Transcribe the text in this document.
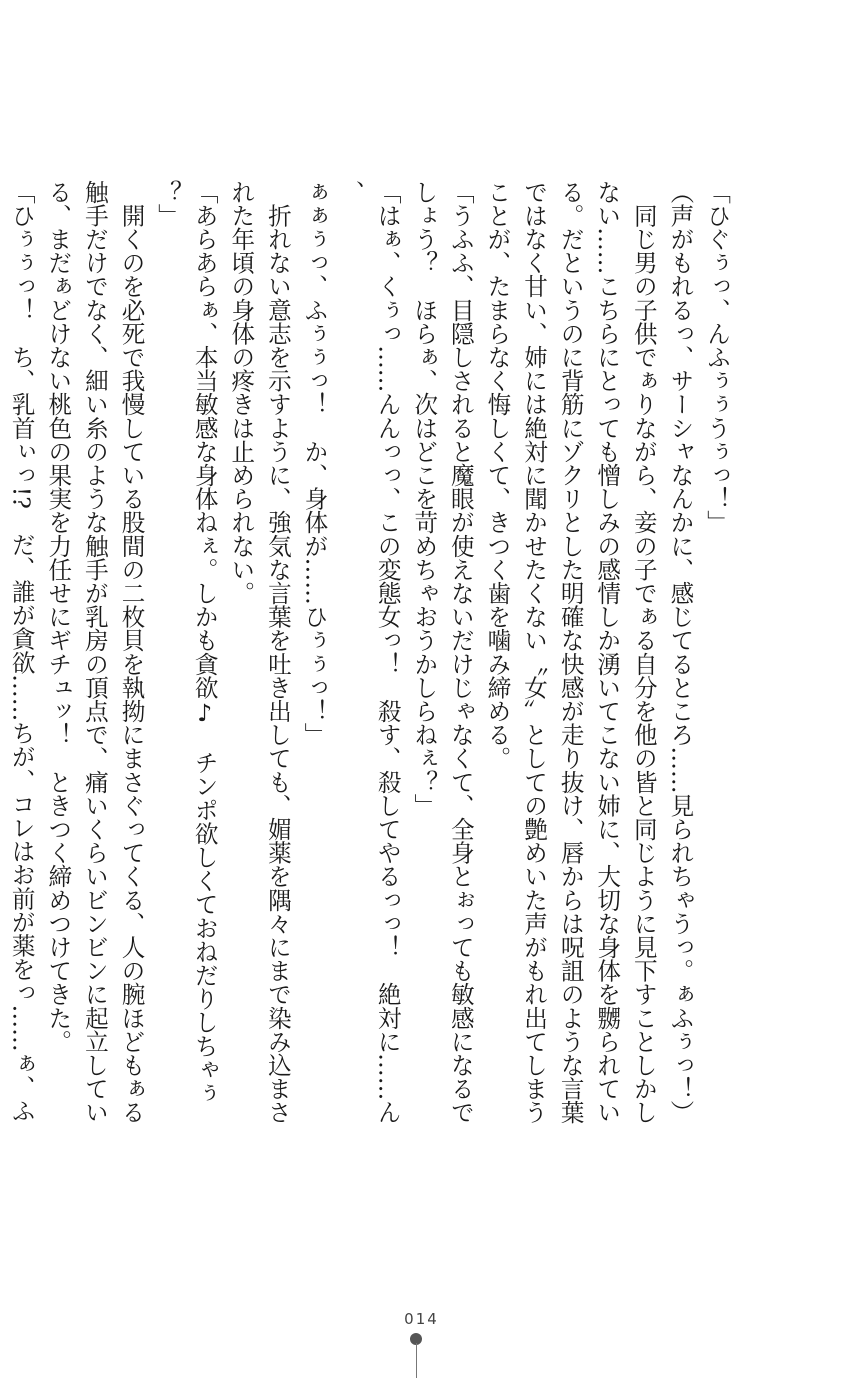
「ひぐぅっ、んふぅぅうぅっ！」

（声がもれるっ、サーシャなんかに、感じてるところ……見られちゃうっ。ぁふぅっ！）

　同じ男の子供でぁりながら、妾の子でぁる自分を他の皆と同じように見下すことしかし

ない……こちらにとっても憎しみの感情しか湧いてこない姉に、大切な身体を嬲られてい

る。だというのに背筋にゾクリとした明確な快感が走り抜け、唇からは呪詛のような言葉

ではなく甘い、姉には絶対に聞かせたくない〝女〟としての艶めいた声がもれ出てしまう

ことが、たまらなく悔しくて、きつく歯を噛み締める。

「うふふ、目隠しされると魔眼が使えないだけじゃなくて、全身とぉっても敏感になるで

しょう？　ほらぁ、次はどこを苛めちゃおうかしらねぇ？」

「はぁ、くぅっ……んんっっ、この変態女っ！　殺す、殺してやるっっ！　絶対に……ん、

ぁぁぅっ、ふぅぅっ！　か、身体が……ひぅぅっ！」

　折れない意志を示すように、強気な言葉を吐き出しても、媚薬を隅々にまで染み込まさ

れた年頃の身体の疼きは止められない。

「あらあらぁ、本当敏感な身体ねぇ。しかも貪欲♪　チンポ欲しくておねだりしちゃぅ？」

　開くのを必死で我慢している股間の二枚貝を執拗にまさぐってくる、人の腕ほどもぁる

触手だけでなく、細い糸のような触手が乳房の頂点で、痛いくらいビンビンに起立してい

る、まだぁどけない桃色の果実を力任せにギチュッ！　ときつく締めつけてきた。

「ひぅぅっ！　ち、乳首ぃっ!?　だ、誰が貪欲……ちが、コレはお前が薬をっ……ぁ、ふ

014
